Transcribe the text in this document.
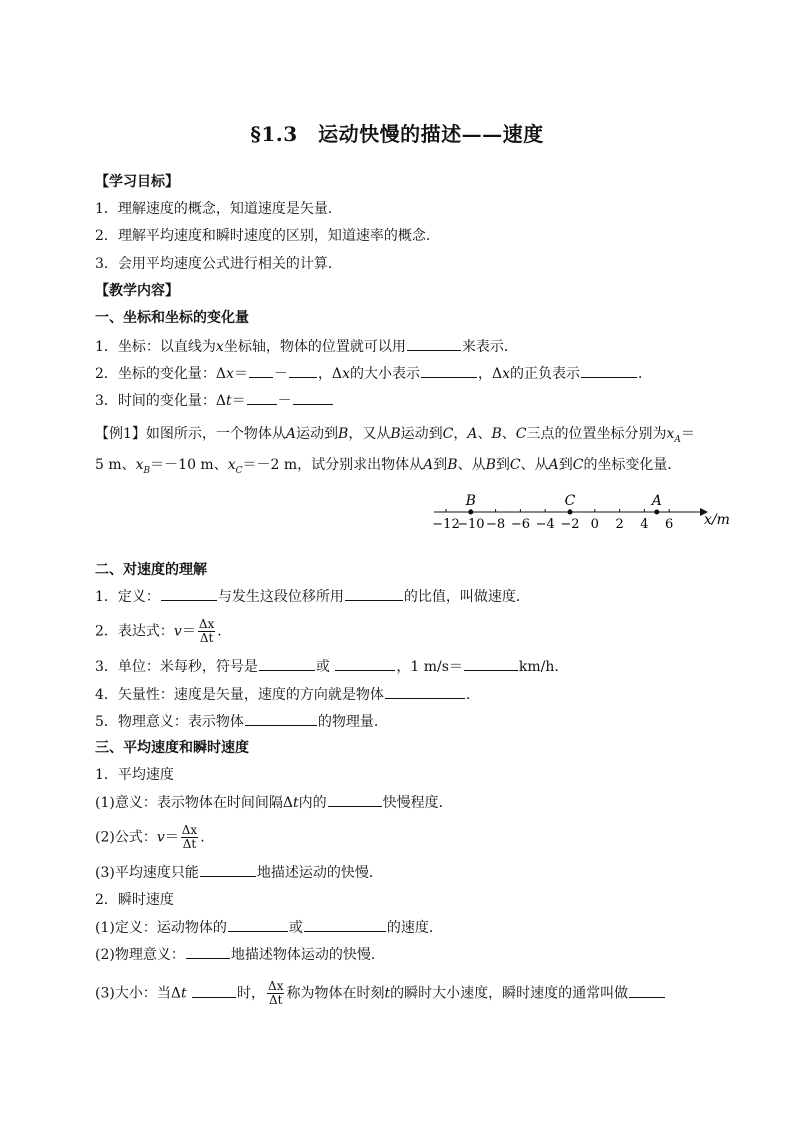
§1.3　运动快慢的描述——速度
【学习目标】
1．理解速度的概念，知道速度是矢量.
2．理解平均速度和瞬时速度的区别，知道速率的概念.
3．会用平均速度公式进行相关的计算．
【教学内容】
一、坐标和坐标的变化量
1．坐标：以直线为x坐标轴，物体的位置就可以用	来表示．
2．坐标的变化量：Δx＝ － ，Δx的大小表示	，Δx的正负表示	．
3．时间的变化量：Δt＝ －
【例1】如图所示，一个物体从A运动到B，又从B运动到C，A、B、C三点的位置坐标分别为$x_A=$
5 m、$x_B=-10$ m、$x_C=-2$ m，试分别求出物体从A到B、从B到C、从A到C的坐标变化量．
x/m
−12
−10 −8 −6 −4 −2 0 2 4 6
B	C	A
二、对速度的理解
1．定义：	与发生这段位移所用	的比值，叫做速度．
2．表达式：$v= \frac{\Delta x}{\Delta t}$ .
3．单位：米每秒，符号是	或	，1 m/s＝	km/h.
4．矢量性：速度是矢量，速度的方向就是物体	．
5．物理意义：表示物体	的物理量．
三、平均速度和瞬时速度
1．平均速度
(1)意义：表示物体在时间间隔Δt内的	快慢程度．
(2)公式：$v= \frac{\Delta x}{\Delta t}$ .
(3)平均速度只能	地描述运动的快慢．
2．瞬时速度
(1)定义：运动物体的	或	的速度．
(2)物理意义：	地描述物体运动的快慢．
(3)大小：当Δt	时， $\frac{\Delta x}{\Delta t}$ 称为物体在时刻t的瞬时大小速度，瞬时速度的通常叫做
